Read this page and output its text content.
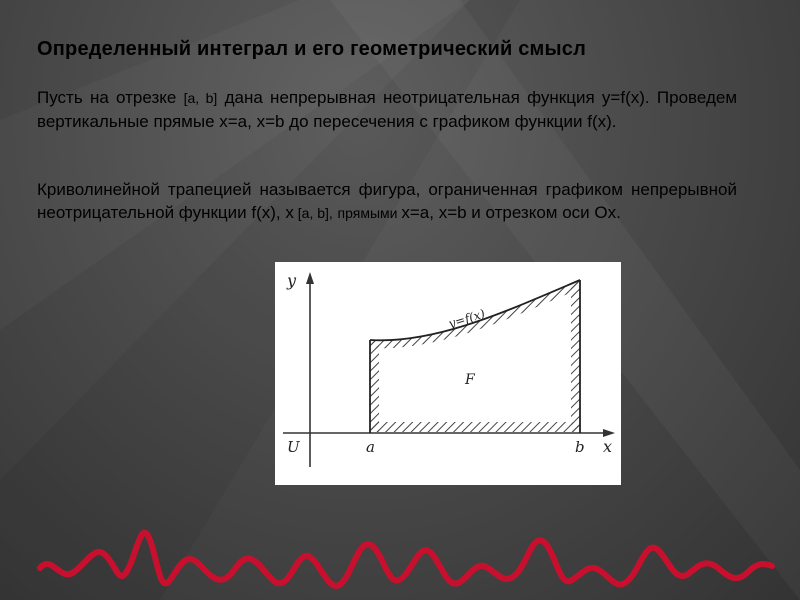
Определенный интеграл и его геометрический смысл
Пусть на отрезке [a, b] дана непрерывная неотрицательная функция y=f(x). Проведем вертикальные прямые x=a, x=b до пересечения с графиком функции f(x).
Криволинейной трапецией называется фигура, ограниченная графиком непрерывной неотрицательной функции f(x), x [a, b], прямыми x=a, x=b и отрезком оси Ox.
y
x
U	a	b
y=f(x)
F
